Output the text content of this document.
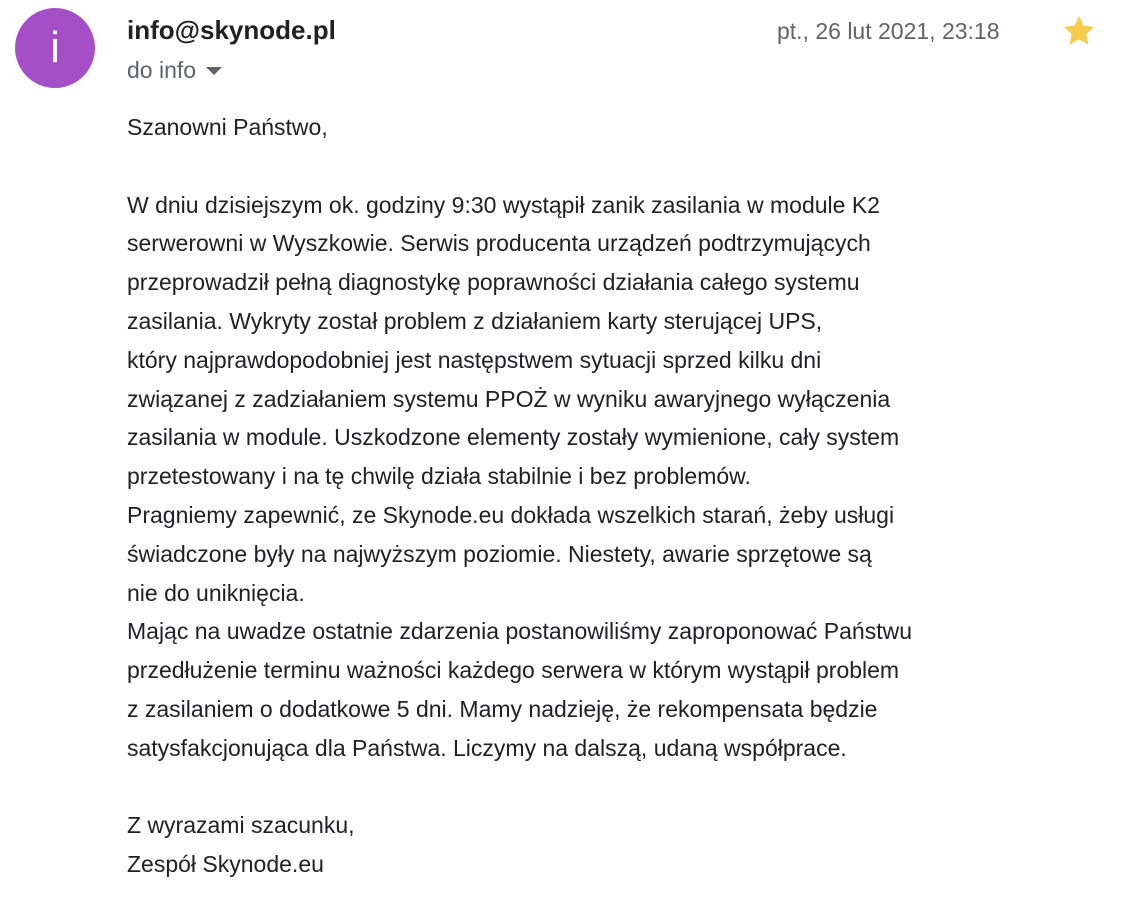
i	info@skynode.pl
do info
pt., 26 lut 2021, 23:18

Szanowni Państwo,

W dniu dzisiejszym ok. godziny 9:30 wystąpił zanik zasilania w module K2
serwerowni w Wyszkowie. Serwis producenta urządzeń podtrzymujących
przeprowadził pełną diagnostykę poprawności działania całego systemu
zasilania. Wykryty został problem z działaniem karty sterującej UPS,
który najprawdopodobniej jest następstwem sytuacji sprzed kilku dni
związanej z zadziałaniem systemu PPOŻ w wyniku awaryjnego wyłączenia
zasilania w module. Uszkodzone elementy zostały wymienione, cały system
przetestowany i na tę chwilę działa stabilnie i bez problemów.

Pragniemy zapewnić, ze Skynode.eu dokłada wszelkich starań, żeby usługi
świadczone były na najwyższym poziomie. Niestety, awarie sprzętowe są
nie do uniknięcia.

Mając na uwadze ostatnie zdarzenia postanowiliśmy zaproponować Państwu
przedłużenie terminu ważności każdego serwera w którym wystąpił problem
z zasilaniem o dodatkowe 5 dni. Mamy nadzieję, że rekompensata będzie
satysfakcjonująca dla Państwa. Liczymy na dalszą, udaną współprace.

Z wyrazami szacunku,

Zespół Skynode.eu
